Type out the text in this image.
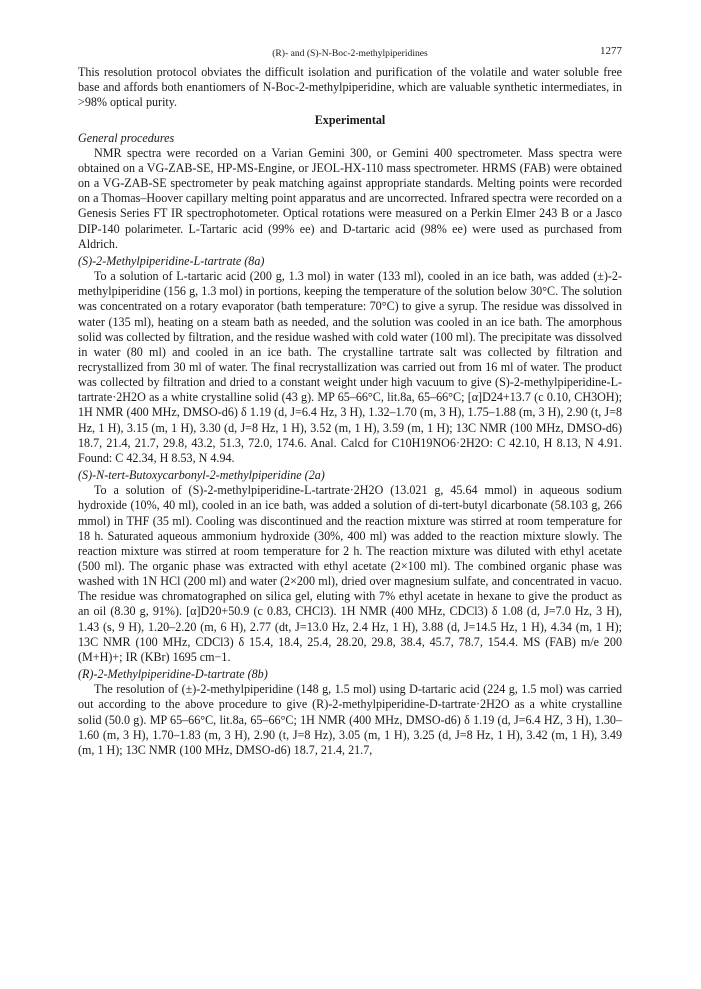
(R)- and (S)-N-Boc-2-methylpiperidines	1277

This resolution protocol obviates the difficult isolation and purification of the volatile and water soluble free base and affords both enantiomers of N-Boc-2-methylpiperidine, which are valuable synthetic intermediates, in >98% optical purity.

Experimental

General procedures

NMR spectra were recorded on a Varian Gemini 300, or Gemini 400 spectrometer. Mass spectra were obtained on a VG-ZAB-SE, HP-MS-Engine, or JEOL-HX-110 mass spectrometer. HRMS (FAB) were obtained on a VG-ZAB-SE spectrometer by peak matching against appropriate standards. Melting points were recorded on a Thomas–Hoover capillary melting point apparatus and are uncorrected. Infrared spectra were recorded on a Genesis Series FT IR spectrophotometer. Optical rotations were measured on a Perkin Elmer 243 B or a Jasco DIP-140 polarimeter. L-Tartaric acid (99% ee) and D-tartaric acid (98% ee) were used as purchased from Aldrich.

(S)-2-Methylpiperidine-L-tartrate (8a)

To a solution of L-tartaric acid (200 g, 1.3 mol) in water (133 ml), cooled in an ice bath, was added (±)-2-methylpiperidine (156 g, 1.3 mol) in portions, keeping the temperature of the solution below 30°C. The solution was concentrated on a rotary evaporator (bath temperature: 70°C) to give a syrup. The residue was dissolved in water (135 ml), heating on a steam bath as needed, and the solution was cooled in an ice bath. The amorphous solid was collected by filtration, and the residue washed with cold water (100 ml). The precipitate was dissolved in water (80 ml) and cooled in an ice bath. The crystalline tartrate salt was collected by filtration and recrystallized from 30 ml of water. The final recrystallization was carried out from 16 ml of water. The product was collected by filtration and dried to a constant weight under high vacuum to give (S)-2-methylpiperidine-L-tartrate·2H2O as a white crystalline solid (43 g). MP 65–66°C, lit.8a, 65–66°C; [α]D24+13.7 (c 0.10, CH3OH); 1H NMR (400 MHz, DMSO-d6) δ 1.19 (d, J=6.4 Hz, 3 H), 1.32–1.70 (m, 3 H), 1.75–1.88 (m, 3 H), 2.90 (t, J=8 Hz, 1 H), 3.15 (m, 1 H), 3.30 (d, J=8 Hz, 1 H), 3.52 (m, 1 H), 3.59 (m, 1 H); 13C NMR (100 MHz, DMSO-d6) 18.7, 21.4, 21.7, 29.8, 43.2, 51.3, 72.0, 174.6. Anal. Calcd for C10H19NO6·2H2O: C 42.10, H 8.13, N 4.91. Found: C 42.34, H 8.53, N 4.94.

(S)-N-tert-Butoxycarbonyl-2-methylpiperidine (2a)

To a solution of (S)-2-methylpiperidine-L-tartrate·2H2O (13.021 g, 45.64 mmol) in aqueous sodium hydroxide (10%, 40 ml), cooled in an ice bath, was added a solution of di-tert-butyl dicarbonate (58.103 g, 266 mmol) in THF (35 ml). Cooling was discontinued and the reaction mixture was stirred at room temperature for 18 h. Saturated aqueous ammonium hydroxide (30%, 400 ml) was added to the reaction mixture slowly. The reaction mixture was stirred at room temperature for 2 h. The reaction mixture was diluted with ethyl acetate (500 ml). The organic phase was extracted with ethyl acetate (2×100 ml). The combined organic phase was washed with 1N HCl (200 ml) and water (2×200 ml), dried over magnesium sulfate, and concentrated in vacuo. The residue was chromatographed on silica gel, eluting with 7% ethyl acetate in hexane to give the product as an oil (8.30 g, 91%). [α]D20+50.9 (c 0.83, CHCl3). 1H NMR (400 MHz, CDCl3) δ 1.08 (d, J=7.0 Hz, 3 H), 1.43 (s, 9 H), 1.20–2.20 (m, 6 H), 2.77 (dt, J=13.0 Hz, 2.4 Hz, 1 H), 3.88 (d, J=14.5 Hz, 1 H), 4.34 (m, 1 H); 13C NMR (100 MHz, CDCl3) δ 15.4, 18.4, 25.4, 28.20, 29.8, 38.4, 45.7, 78.7, 154.4. MS (FAB) m/e 200 (M+H)+; IR (KBr) 1695 cm−1.

(R)-2-Methylpiperidine-D-tartrate (8b)

The resolution of (±)-2-methylpiperidine (148 g, 1.5 mol) using D-tartaric acid (224 g, 1.5 mol) was carried out according to the above procedure to give (R)-2-methylpiperidine-D-tartrate·2H2O as a white crystalline solid (50.0 g). MP 65–66°C, lit.8a, 65–66°C; 1H NMR (400 MHz, DMSO-d6) δ 1.19 (d, J=6.4 HZ, 3 H), 1.30–1.60 (m, 3 H), 1.70–1.83 (m, 3 H), 2.90 (t, J=8 Hz), 3.05 (m, 1 H), 3.25 (d, J=8 Hz, 1 H), 3.42 (m, 1 H), 3.49 (m, 1 H); 13C NMR (100 MHz, DMSO-d6) 18.7, 21.4, 21.7,
